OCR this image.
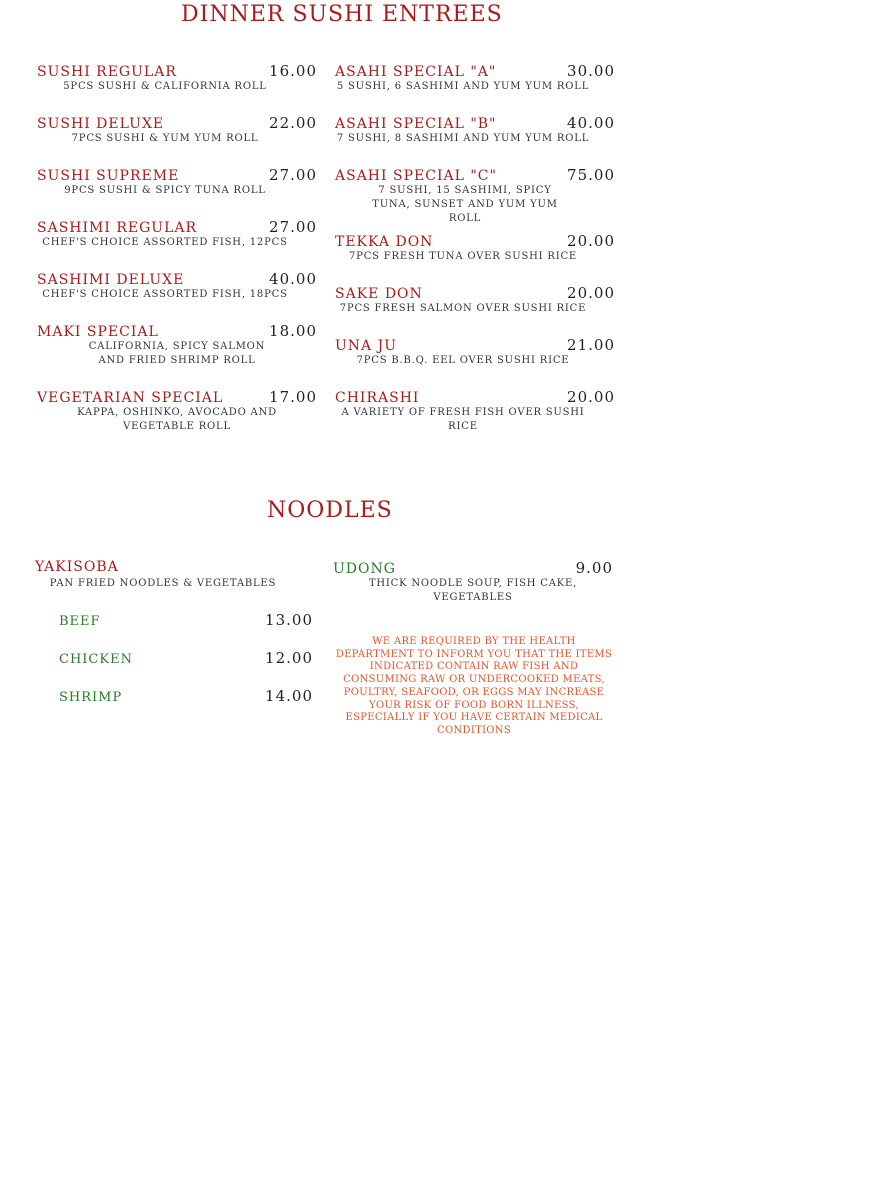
DINNER SUSHI ENTREES
SUSHI REGULAR	16.00
5PCS SUSHI & CALIFORNIA ROLL
SUSHI DELUXE	22.00
7PCS SUSHI & YUM YUM ROLL
SUSHI SUPREME	27.00
9PCS SUSHI & SPICY TUNA ROLL
SASHIMI REGULAR	27.00
CHEF'S CHOICE ASSORTED FISH, 12PCS
SASHIMI DELUXE	40.00
CHEF'S CHOICE ASSORTED FISH, 18PCS
MAKI SPECIAL	18.00
CALIFORNIA, SPICY SALMON AND FRIED SHRIMP ROLL
VEGETARIAN SPECIAL	17.00
KAPPA, OSHINKO, AVOCADO AND VEGETABLE ROLL
ASAHI SPECIAL "A"	30.00
5 SUSHI, 6 SASHIMI AND YUM YUM ROLL
ASAHI SPECIAL "B"	40.00
7 SUSHI, 8 SASHIMI AND YUM YUM ROLL
ASAHI SPECIAL "C"	75.00
7 SUSHI, 15 SASHIMI, SPICY TUNA, SUNSET AND YUM YUM ROLL
TEKKA DON	20.00
7PCS FRESH TUNA OVER SUSHI RICE
SAKE DON	20.00
7PCS FRESH SALMON OVER SUSHI RICE
UNA JU	21.00
7PCS B.B.Q. EEL OVER SUSHI RICE
CHIRASHI	20.00
A VARIETY OF FRESH FISH OVER SUSHI RICE
NOODLES
YAKISOBA
PAN FRIED NOODLES & VEGETABLES
BEEF	13.00
CHICKEN	12.00
SHRIMP	14.00
UDONG	9.00
THICK NOODLE SOUP, FISH CAKE, VEGETABLES
WE ARE REQUIRED BY THE HEALTH DEPARTMENT TO INFORM YOU THAT THE ITEMS INDICATED CONTAIN RAW FISH AND CONSUMING RAW OR UNDERCOOKED MEATS, POULTRY, SEAFOOD, OR EGGS MAY INCREASE YOUR RISK OF FOOD BORN ILLNESS, ESPECIALLY IF YOU HAVE CERTAIN MEDICAL CONDITIONS
